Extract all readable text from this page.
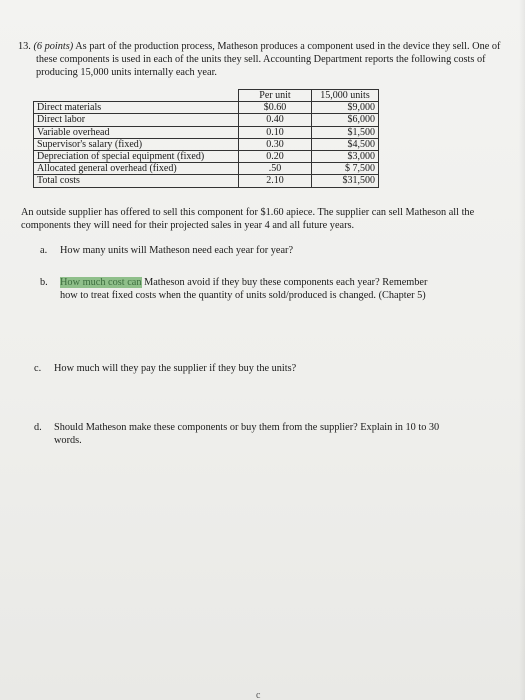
13. (6 points) As part of the production process, Matheson produces a component used in the device they sell. One of these components is used in each of the units they sell. Accounting Department reports the following costs of producing 15,000 units internally each year.
	Per unit	15,000 units
Direct materials	$0.60	$9,000
Direct labor	0.40	$6,000
Variable overhead	0.10	$1,500
Supervisor's salary (fixed)	0.30	$4,500
Depreciation of special equipment (fixed)	0.20	$3,000
Allocated general overhead (fixed)	.50	$ 7,500
Total costs	2.10	$31,500
An outside supplier has offered to sell this component for $1.60 apiece. The supplier can sell Matheson all the components they will need for their projected sales in year 4 and all future years.
a. How many units will Matheson need each year for year?
b. How much cost can Matheson avoid if they buy these components each year? Remember
how to treat fixed costs when the quantity of units sold/produced is changed. (Chapter 5)
c. How much will they pay the supplier if they buy the units?
d. Should Matheson make these components or buy them from the supplier? Explain in 10 to 30
words.
c
